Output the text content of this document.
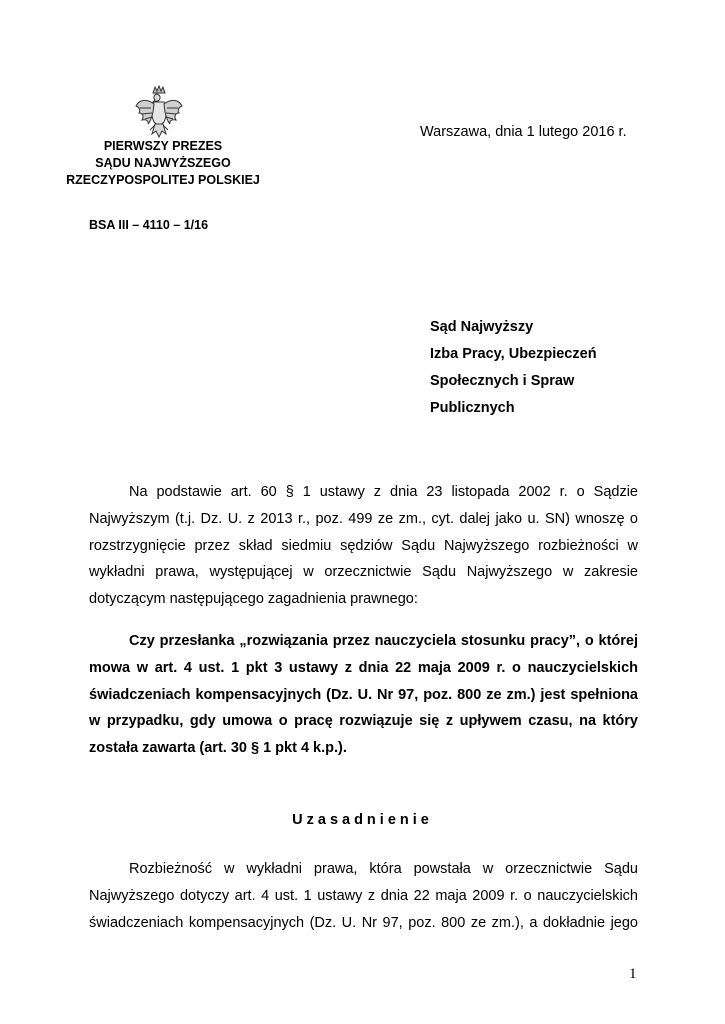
PIERWSZY PREZES
SĄDU NAJWYŻSZEGO
RZECZYPOSPOLITEJ POLSKIEJ
Warszawa, dnia 1 lutego 2016 r.
BSA III – 4110 – 1/16
Sąd Najwyższy
Izba Pracy, Ubezpieczeń
Społecznych i Spraw
Publicznych
Na podstawie art. 60 § 1 ustawy z dnia 23 listopada 2002 r. o Sądzie
Najwyższym (t.j. Dz. U. z 2013 r., poz. 499 ze zm., cyt. dalej jako u. SN) wnoszę o
rozstrzygnięcie przez skład siedmiu sędziów Sądu Najwyższego rozbieżności w
wykładni prawa, występującej w orzecznictwie Sądu Najwyższego w zakresie
dotyczącym następującego zagadnienia prawnego:
Czy przesłanka „rozwiązania przez nauczyciela stosunku pracy”, o której
mowa w art. 4 ust. 1 pkt 3 ustawy z dnia 22 maja 2009 r. o nauczycielskich
świadczeniach kompensacyjnych (Dz. U. Nr 97, poz. 800 ze zm.) jest spełniona
w przypadku, gdy umowa o pracę rozwiązuje się z upływem czasu, na który
została zawarta (art. 30 § 1 pkt 4 k.p.).
Uzasadnienie
Rozbieżność w wykładni prawa, która powstała w orzecznictwie Sądu
Najwyższego dotyczy art. 4 ust. 1 ustawy z dnia 22 maja 2009 r. o nauczycielskich
świadczeniach kompensacyjnych (Dz. U. Nr 97, poz. 800 ze zm.), a dokładnie jego
1
